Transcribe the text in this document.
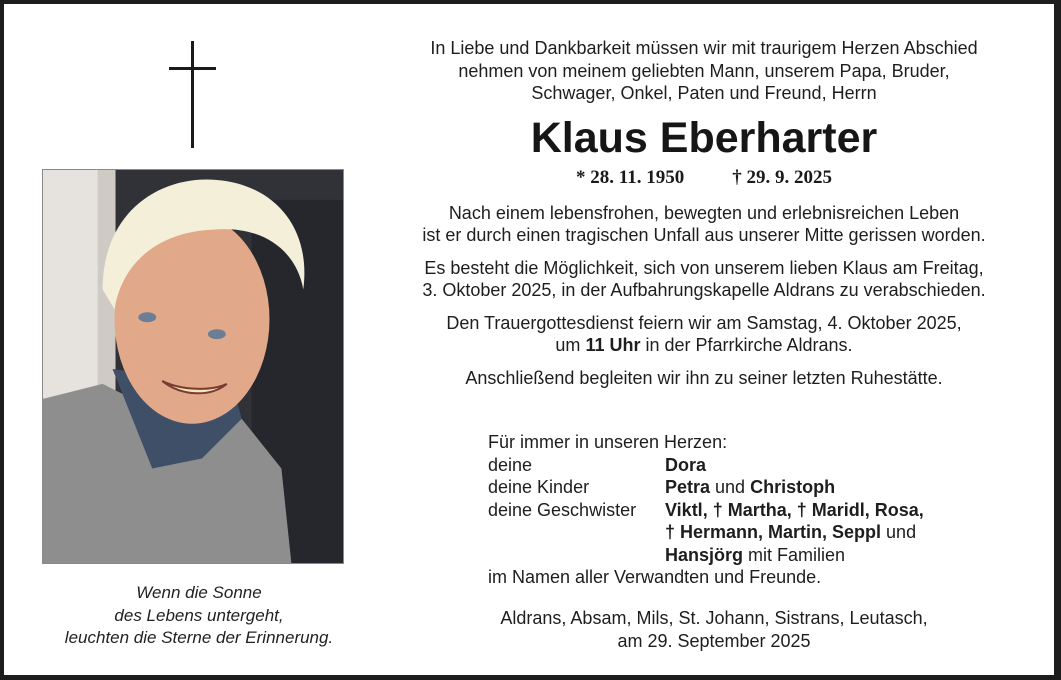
Wenn die Sonne
des Lebens untergeht,
leuchten die Sterne der Erinnerung.
In Liebe und Dankbarkeit müssen wir mit traurigem Herzen Abschied
nehmen von meinem geliebten Mann, unserem Papa, Bruder,
Schwager, Onkel, Paten und Freund, Herrn
Klaus Eberharter
* 28. 11. 1950	† 29. 9. 2025
Nach einem lebensfrohen, bewegten und erlebnisreichen Leben
ist er durch einen tragischen Unfall aus unserer Mitte gerissen worden.
Es besteht die Möglichkeit, sich von unserem lieben Klaus am Freitag,
3. Oktober 2025, in der Aufbahrungskapelle Aldrans zu verabschieden.
Den Trauergottesdienst feiern wir am Samstag, 4. Oktober 2025,
um 11 Uhr in der Pfarrkirche Aldrans.
Anschließend begleiten wir ihn zu seiner letzten Ruhestätte.
Für immer in unseren Herzen:
deine	Dora
deine Kinder	Petra und Christoph
deine Geschwister	Viktl, † Martha, † Maridl, Rosa,
† Hermann, Martin, Seppl und
Hansjörg mit Familien
im Namen aller Verwandten und Freunde.
Aldrans, Absam, Mils, St. Johann, Sistrans, Leutasch,
am 29. September 2025
